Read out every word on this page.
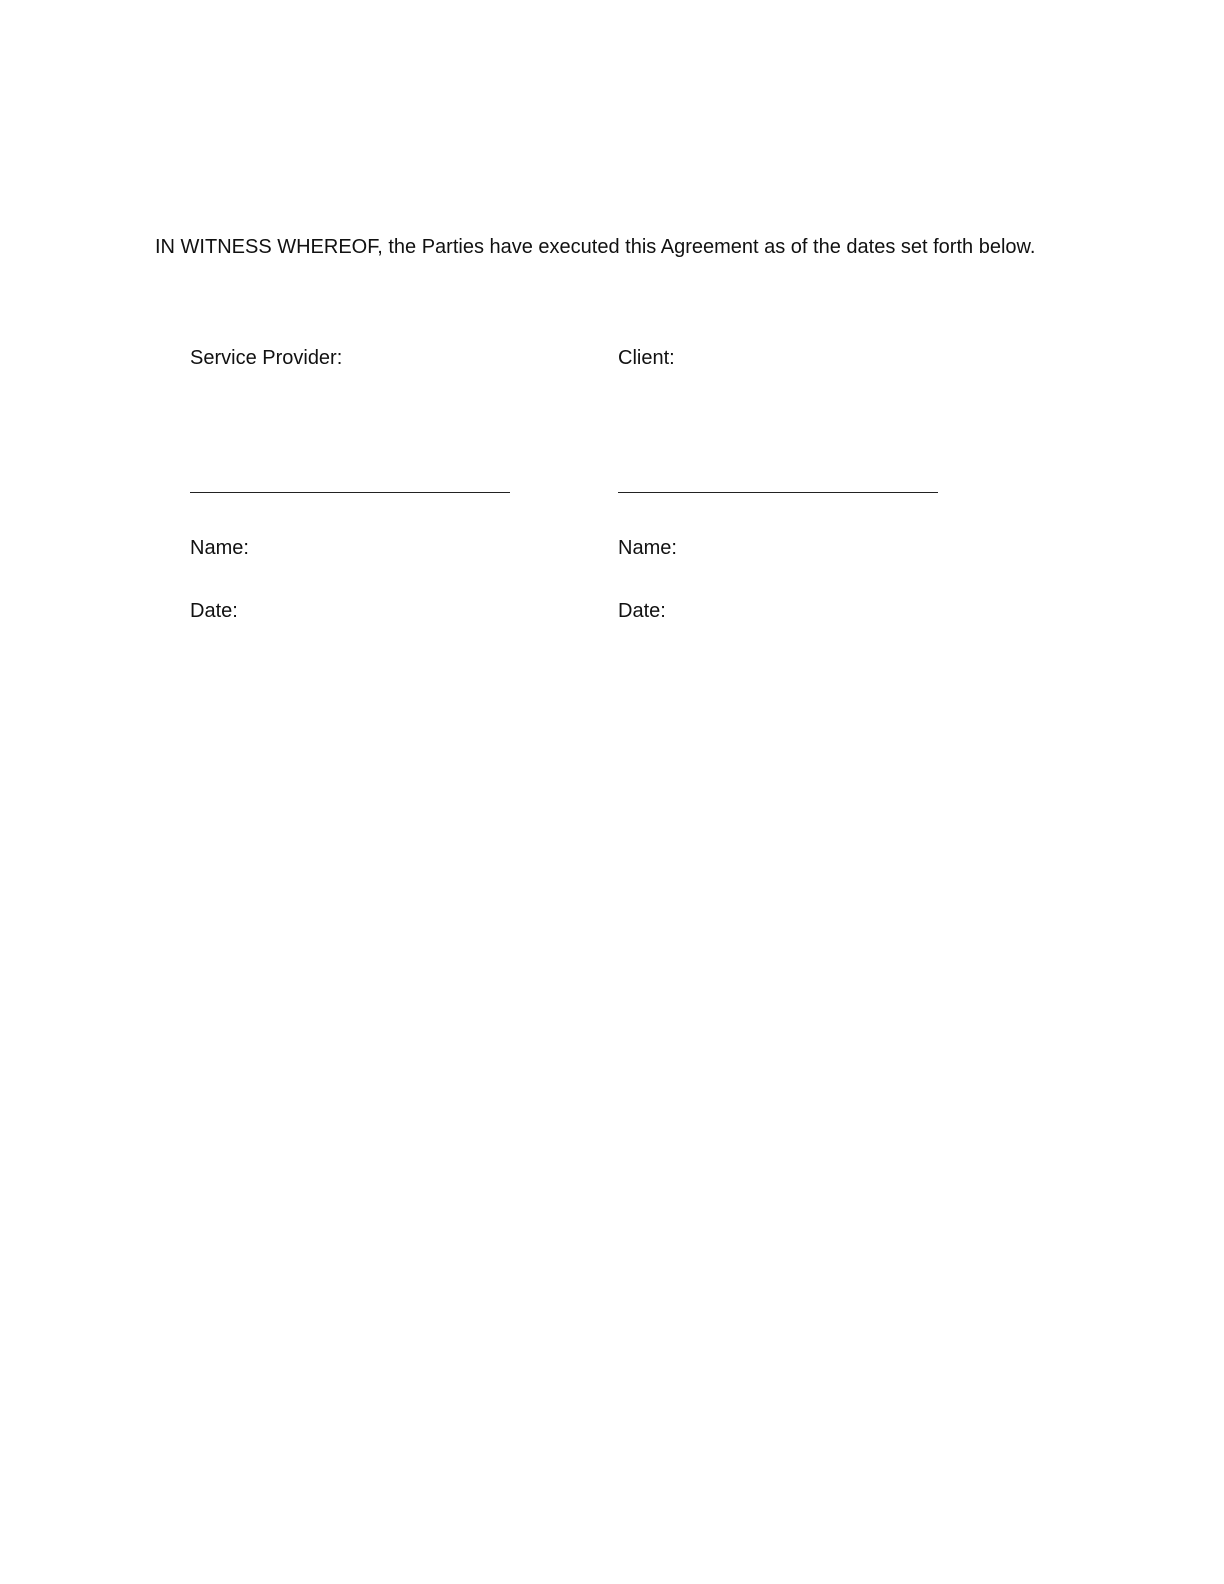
IN WITNESS WHEREOF, the Parties have executed this Agreement as of the dates set forth below.
Service Provider:
Name:
Date:
Client:
Name:
Date:
